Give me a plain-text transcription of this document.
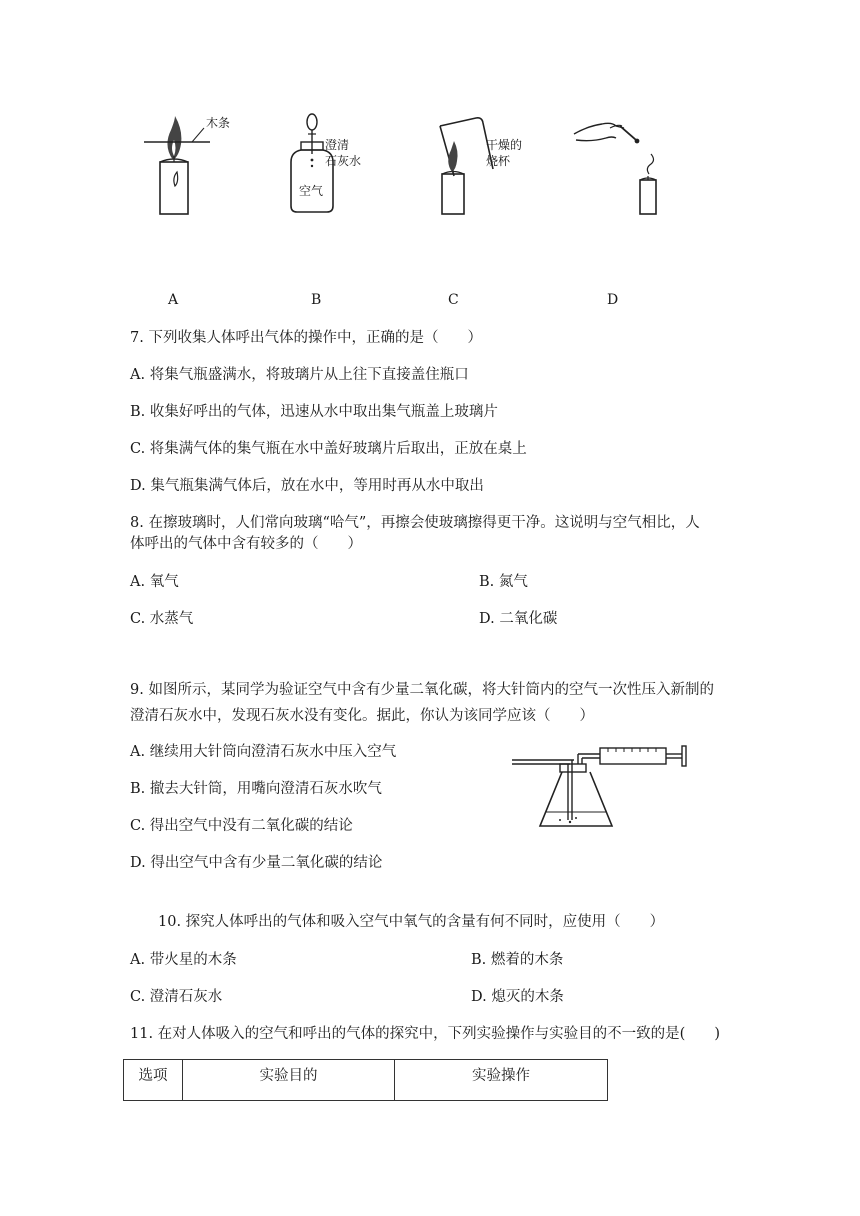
木条
澄清
石灰水
空气
干燥的
烧杯
A	B	C	D
7. 下列收集人体呼出气体的操作中，正确的是（　　）
A. 将集气瓶盛满水，将玻璃片从上往下直接盖住瓶口
B. 收集好呼出的气体，迅速从水中取出集气瓶盖上玻璃片
C. 将集满气体的集气瓶在水中盖好玻璃片后取出，正放在桌上
D. 集气瓶集满气体后，放在水中，等用时再从水中取出
8. 在擦玻璃时，人们常向玻璃“哈气”，再擦会使玻璃擦得更干净。这说明与空气相比，人
体呼出的气体中含有较多的（　　）
A. 氧气	B. 氮气
C. 水蒸气	D. 二氧化碳
9. 如图所示，某同学为验证空气中含有少量二氧化碳，将大针筒内的空气一次性压入新制的
澄清石灰水中，发现石灰水没有变化。据此，你认为该同学应该（　　）
A. 继续用大针筒向澄清石灰水中压入空气
B. 撤去大针筒，用嘴向澄清石灰水吹气
C. 得出空气中没有二氧化碳的结论
D. 得出空气中含有少量二氧化碳的结论
10. 探究人体呼出的气体和吸入空气中氧气的含量有何不同时，应使用（　　）
A. 带火星的木条	B. 燃着的木条
C. 澄清石灰水	D. 熄灭的木条
11. 在对人体吸入的空气和呼出的气体的探究中，下列实验操作与实验目的不一致的是(　　)
选项	实验目的	实验操作
